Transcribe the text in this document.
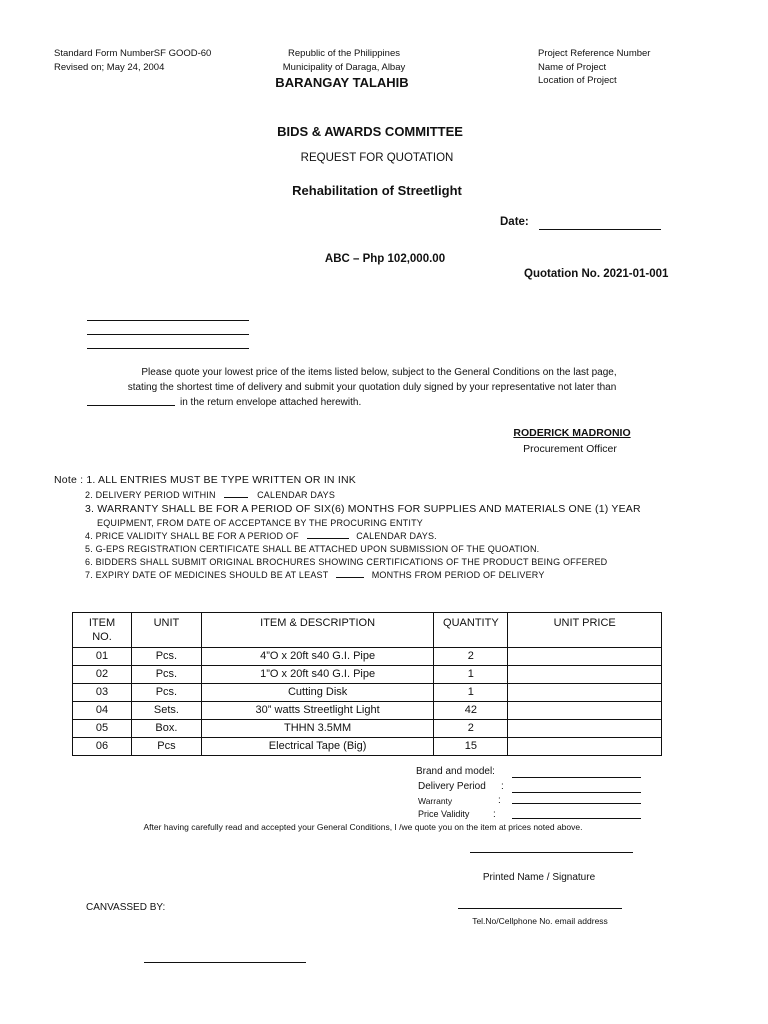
Standard Form NumberSF GOOD-60
Revised on; May 24, 2004
Republic of the Philippines
Municipality of Daraga, Albay
BARANGAY TALAHIB
Project Reference Number
Name of Project
Location of Project
BIDS & AWARDS COMMITTEE
REQUEST FOR QUOTATION
Rehabilitation of Streetlight
Date:
ABC – Php 102,000.00
Quotation No. 2021-01-001
Please quote your lowest price of the items listed below, subject to the General Conditions on the last page,
stating the shortest time of delivery and submit your quotation duly signed by your representative not later than
in the return envelope attached herewith.
RODERICK MADRONIO
Procurement Officer
Note : 1. ALL ENTRIES MUST BE TYPE WRITTEN OR IN INK
2. DELIVERY PERIOD WITHIN	CALENDAR DAYS
3. WARRANTY SHALL BE FOR A PERIOD OF SIX(6) MONTHS FOR SUPPLIES AND MATERIALS ONE (1) YEAR
EQUIPMENT, FROM DATE OF ACCEPTANCE BY THE PROCURING ENTITY
4. PRICE VALIDITY SHALL BE FOR A PERIOD OF	CALENDAR DAYS.
5. G-EPS REGISTRATION CERTIFICATE SHALL BE ATTACHED UPON SUBMISSION OF THE QUOATION.
6. BIDDERS SHALL SUBMIT ORIGINAL BROCHURES SHOWING CERTIFICATIONS OF THE PRODUCT BEING OFFERED
7. EXPIRY DATE OF MEDICINES SHOULD BE AT LEAST	MONTHS FROM PERIOD OF DELIVERY
ITEM NO.	UNIT	ITEM & DESCRIPTION	QUANTITY	UNIT PRICE
01	Pcs.	4”O x 20ft s40 G.I. Pipe	2	
02	Pcs.	1”O x 20ft s40 G.I. Pipe	1	
03	Pcs.	Cutting Disk	1	
04	Sets.	30” watts Streetlight Light	42	
05	Box.	THHN 3.5MM	2	
06	Pcs	Electrical Tape (Big)	15	
Brand and model:
Delivery Period :
Warranty	:
Price Validity :
After having carefully read and accepted your General Conditions, I /we quote you on the item at prices noted above.
Printed Name / Signature
CANVASSED BY:
Tel.No/Cellphone No. email address
